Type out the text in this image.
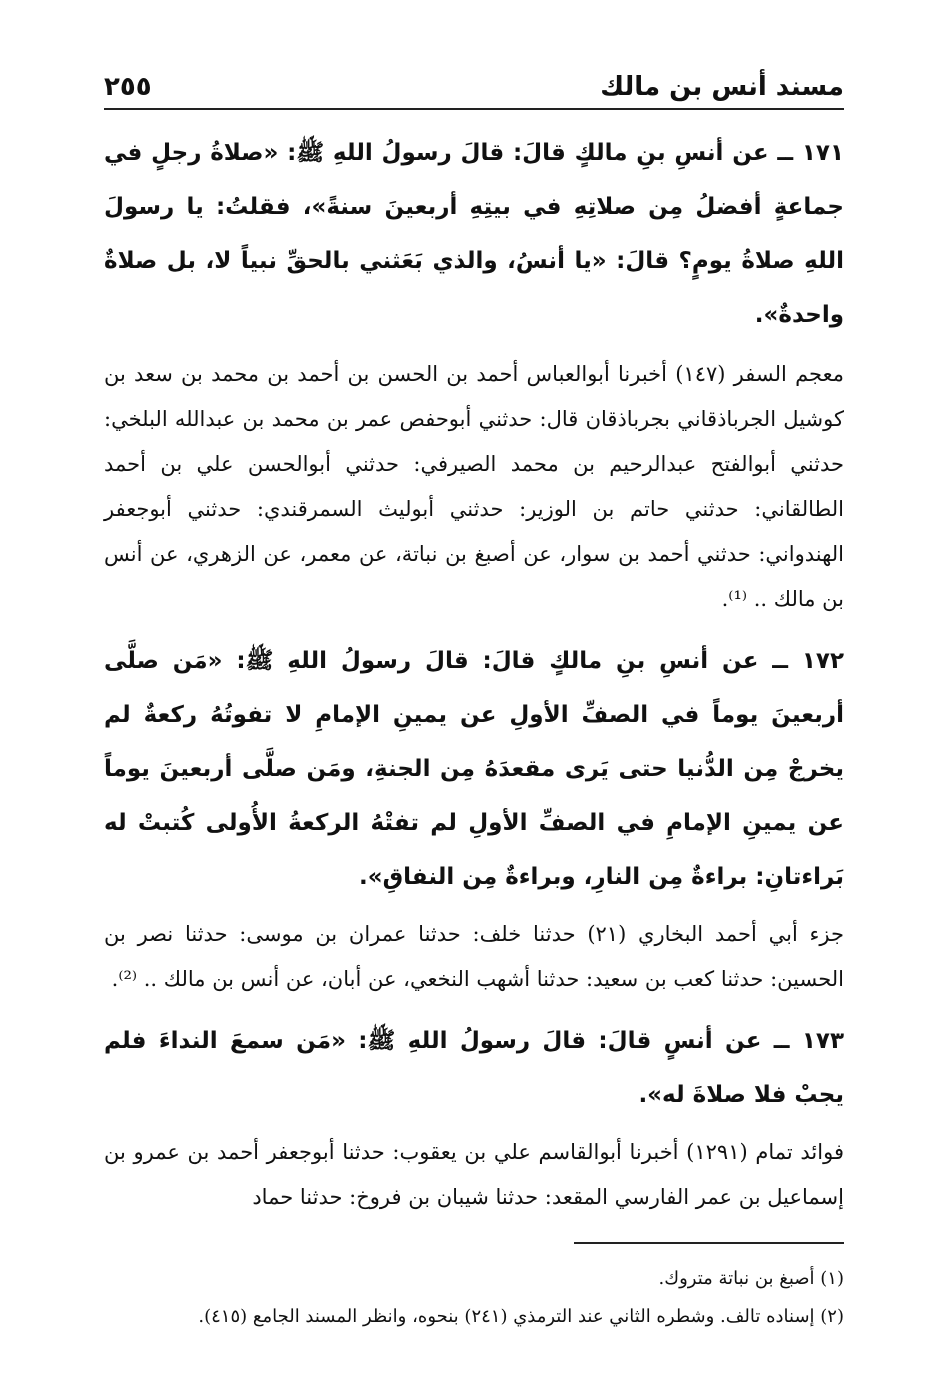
مسند أنس بن مالك
٢٥٥

١٧١ ــ عن أنسِ بنِ مالكٍ قالَ: قالَ رسولُ اللهِ ﷺ: «صلاةُ رجلٍ في جماعةٍ أفضلُ مِن صلاتِهِ في بيتِهِ أربعينَ سنةً»، فقلتُ: يا رسولَ اللهِ صلاةُ يومٍ؟ قالَ: «يا أنسُ، والذي بَعَثني بالحقِّ نبياً لا، بل صلاةٌ واحدةٌ».

معجم السفر (١٤٧) أخبرنا أبوالعباس أحمد بن الحسن بن أحمد بن محمد بن سعد بن كوشيل الجرباذقاني بجرباذقان قال: حدثني أبوحفص عمر بن محمد بن عبدالله البلخي: حدثني أبوالفتح عبدالرحيم بن محمد الصيرفي: حدثني أبوالحسن علي بن أحمد الطالقاني: حدثني حاتم بن الوزير: حدثني أبوليث السمرقندي: حدثني أبوجعفر الهندواني: حدثني أحمد بن سوار، عن أصبغ بن نباتة، عن معمر، عن الزهري، عن أنس بن مالك .. ⁽¹⁾.

١٧٢ ــ عن أنسِ بنِ مالكٍ قالَ: قالَ رسولُ اللهِ ﷺ: «مَن صلَّى أربعينَ يوماً في الصفِّ الأولِ عن يمينِ الإمامِ لا تفوتُهُ ركعةٌ لم يخرجْ مِن الدُّنيا حتى يَرى مقعدَهُ مِن الجنةِ، ومَن صلَّى أربعينَ يوماً عن يمينِ الإمامِ في الصفِّ الأولِ لم تفتْهُ الركعةُ الأُولى كُتبتْ له بَراءتانِ: براءةٌ مِن النارِ، وبراءةٌ مِن النفاقِ».

جزء أبي أحمد البخاري (٢١) حدثنا خلف: حدثنا عمران بن موسى: حدثنا نصر بن الحسين: حدثنا كعب بن سعيد: حدثنا أشهب النخعي، عن أبان، عن أنس بن مالك .. ⁽²⁾.

١٧٣ ــ عن أنسٍ قالَ: قالَ رسولُ اللهِ ﷺ: «مَن سمعَ النداءَ فلم يجبْ فلا صلاةَ له».

فوائد تمام (١٢٩١) أخبرنا أبوالقاسم علي بن يعقوب: حدثنا أبوجعفر أحمد بن عمرو بن إسماعيل بن عمر الفارسي المقعد: حدثنا شيبان بن فروخ: حدثنا حماد

(١) أصبغ بن نباتة متروك.

(٢) إسناده تالف. وشطره الثاني عند الترمذي (٢٤١) بنحوه، وانظر المسند الجامع (٤١٥).
